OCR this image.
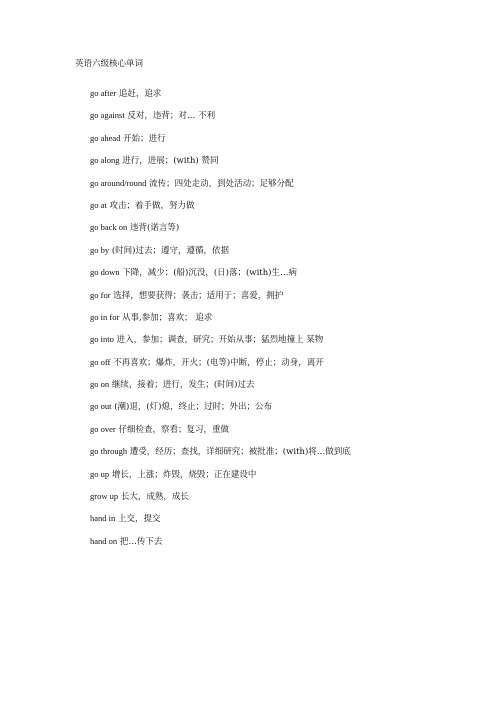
英语六级核心单词
go after 追赶，追求
go against 反对，违背；对… 不利
go ahead 开始；进行
go along 进行，进展；(with) 赞同
go around/round 流传；四处走动，到处活动；足够分配
go at 攻击；着手做，努力做
go back on 违背(诺言等)
go by (时间)过去；遵守，遵循，依据
go down 下降，减少；(船)沉没，(日)落；(with)生…病
go for 选择，想要获得；袭击；适用于；喜爱，拥护
go in for 从事,参加；喜欢； 追求
go into 进入，参加；调查，研究；开始从事；猛烈地撞上 某物
go off 不再喜欢；爆炸，开火；(电等)中断，停止；动身，离开
go on 继续，接着；进行，发生；(时间)过去
go out (潮)退，(灯)熄，终止；过时；外出；公布
go over 仔细检查，察看；复习，重做
go through 遭受，经历；查找，详细研究；被批准；(with)将…做到底
go up 增长，上涨；炸毁，烧毁；正在建设中
grow up 长大，成熟，成长
hand in 上交，提交
hand on 把…传下去
